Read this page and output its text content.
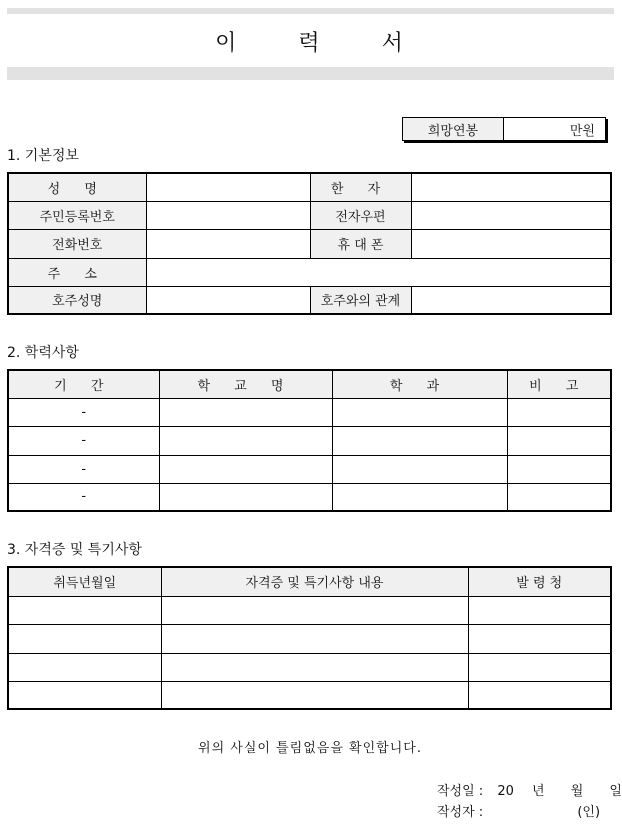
이	력	서
희망연봉	만원
1. 기본정보
성 명		한 자	
주민등록번호		전자우편	
전화번호		휴 대 폰	
주 소			
호주성명		호주와의 관계	
2. 학력사항
기 간	학 교 명	학 과	비 고
-			
-			
-			
-			
3. 자격증 및 특기사항
취득년월일	자격증 및 특기사항 내용	발 령 청

위의 사실이 틀림없음을 확인합니다.
작성일 : 20 년 월 일
작성자 :	(인)
